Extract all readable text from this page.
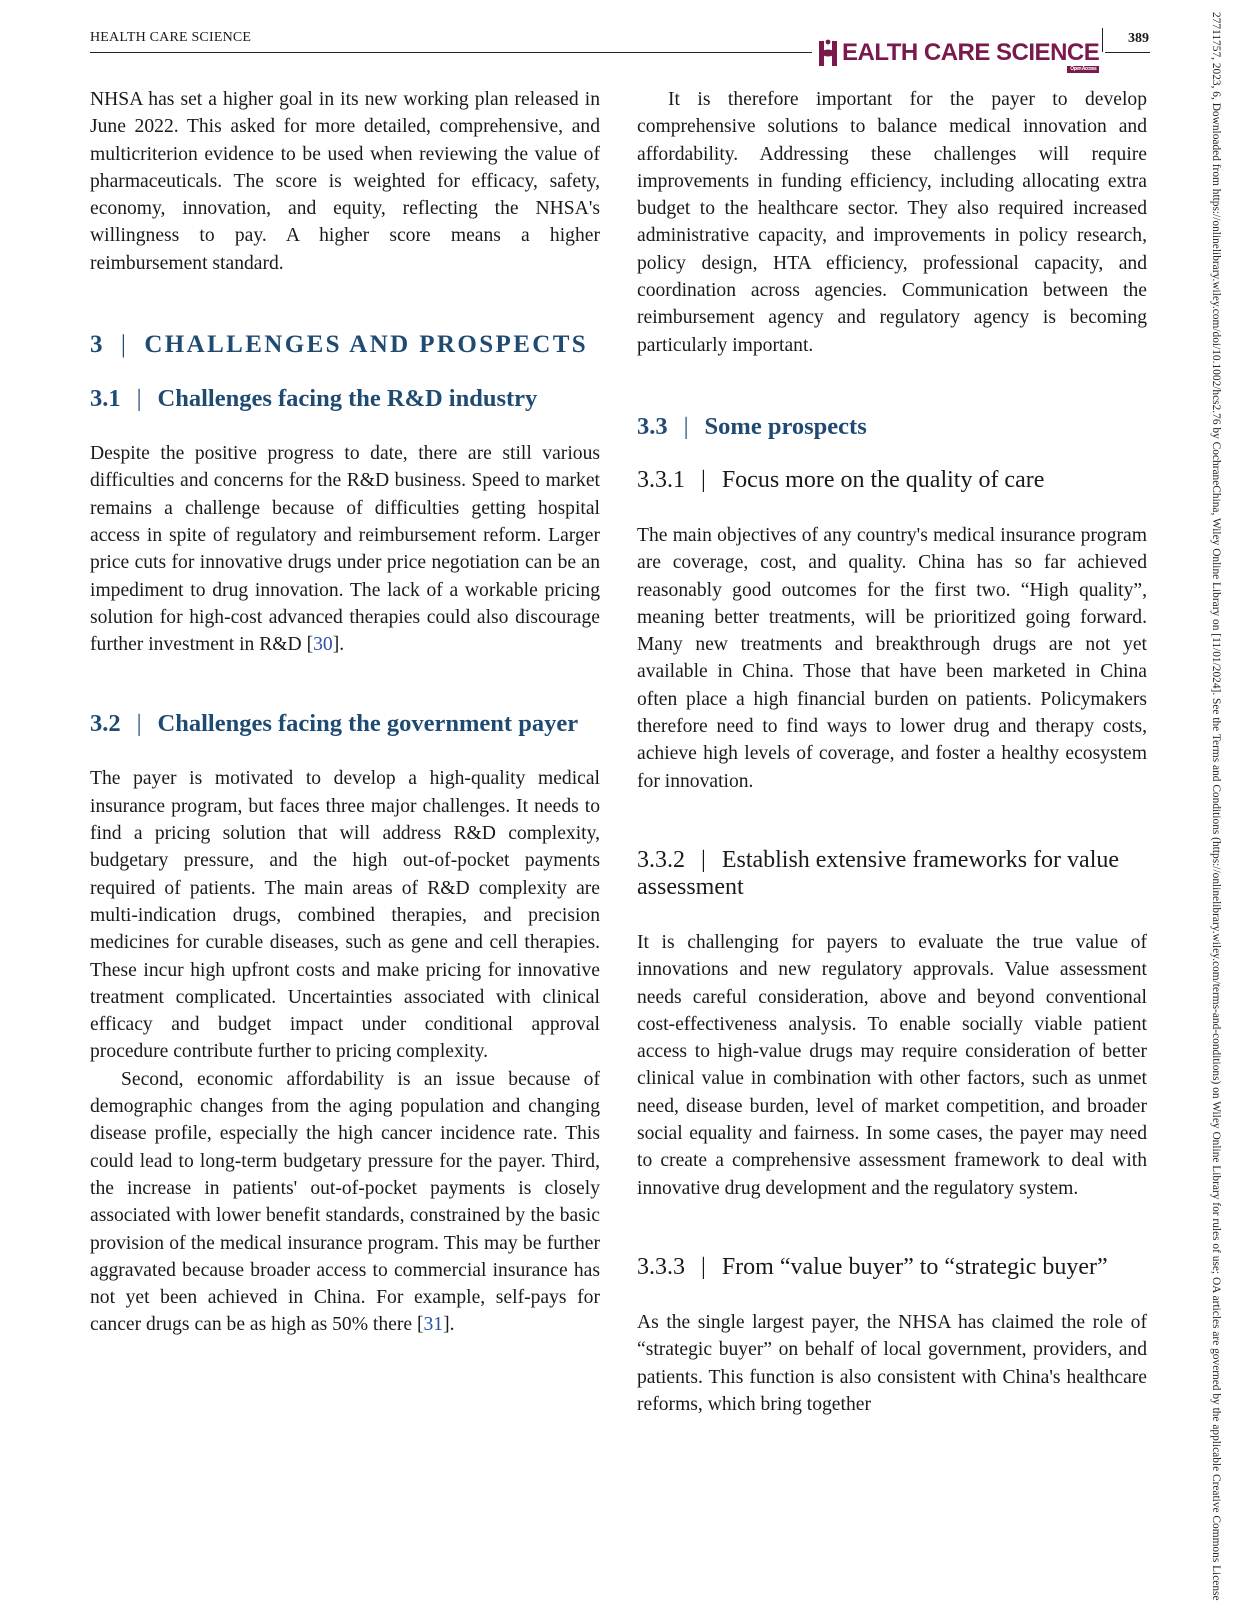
HEALTH CARE SCIENCE
EALTH CARE SCIENCE
Open Access
389	27711757, 2023, 6, Downloaded from https://onlinelibrary.wiley.com/doi/10.1002/hcs2.76 by CochraneChina, Wiley Online Library on [11/01/2024]. See the Terms and Conditions (https://onlinelibrary.wiley.com/terms-and-conditions) on Wiley Online Library for rules of use; OA articles are governed by the applicable Creative Commons License

NHSA has set a higher goal in its new working plan released in June 2022. This asked for more detailed, comprehensive, and multicriterion evidence to be used when reviewing the value of pharmaceuticals. The score is weighted for efficacy, safety, economy, innovation, and equity, reflecting the NHSA's willingness to pay. A higher score means a higher reimbursement standard.

3 | CHALLENGES AND PROSPECTS
3.1 | Challenges facing the R&D industry

Despite the positive progress to date, there are still various difficulties and concerns for the R&D business. Speed to market remains a challenge because of difficulties getting hospital access in spite of regulatory and reimbursement reform. Larger price cuts for innovative drugs under price negotiation can be an impediment to drug innovation. The lack of a workable pricing solution for high-cost advanced therapies could also discourage further investment in R&D [30].

3.2 | Challenges facing the government payer

The payer is motivated to develop a high-quality medical insurance program, but faces three major challenges. It needs to find a pricing solution that will address R&D complexity, budgetary pressure, and the high out-of-pocket payments required of patients. The main areas of R&D complexity are multi-indication drugs, combined therapies, and precision medicines for curable diseases, such as gene and cell therapies. These incur high upfront costs and make pricing for innovative treatment complicated. Uncertainties associated with clinical efficacy and budget impact under conditional approval procedure contribute further to pricing complexity.

Second, economic affordability is an issue because of demographic changes from the aging population and changing disease profile, especially the high cancer incidence rate. This could lead to long-term budgetary pressure for the payer. Third, the increase in patients' out-of-pocket payments is closely associated with lower benefit standards, constrained by the basic provision of the medical insurance program. This may be further aggravated because broader access to commercial insurance has not yet been achieved in China. For example, self-pays for cancer drugs can be as high as 50% there [31].

It is therefore important for the payer to develop comprehensive solutions to balance medical innovation and affordability. Addressing these challenges will require improvements in funding efficiency, including allocating extra budget to the healthcare sector. They also required increased administrative capacity, and improvements in policy research, policy design, HTA efficiency, professional capacity, and coordination across agencies. Communication between the reimbursement agency and regulatory agency is becoming particularly important.

3.3 | Some prospects
3.3.1 | Focus more on the quality of care

The main objectives of any country's medical insurance program are coverage, cost, and quality. China has so far achieved reasonably good outcomes for the first two. “High quality”, meaning better treatments, will be prioritized going forward. Many new treatments and breakthrough drugs are not yet available in China. Those that have been marketed in China often place a high financial burden on patients. Policymakers therefore need to find ways to lower drug and therapy costs, achieve high levels of coverage, and foster a healthy ecosystem for innovation.

3.3.2 | Establish extensive frameworks for value assessment

It is challenging for payers to evaluate the true value of innovations and new regulatory approvals. Value assessment needs careful consideration, above and beyond conventional cost-effectiveness analysis. To enable socially viable patient access to high-value drugs may require consideration of better clinical value in combination with other factors, such as unmet need, disease burden, level of market competition, and broader social equality and fairness. In some cases, the payer may need to create a comprehensive assessment framework to deal with innovative drug development and the regulatory system.

3.3.3 | From “value buyer” to “strategic buyer”

As the single largest payer, the NHSA has claimed the role of “strategic buyer” on behalf of local government, providers, and patients. This function is also consistent with China's healthcare reforms, which bring together
